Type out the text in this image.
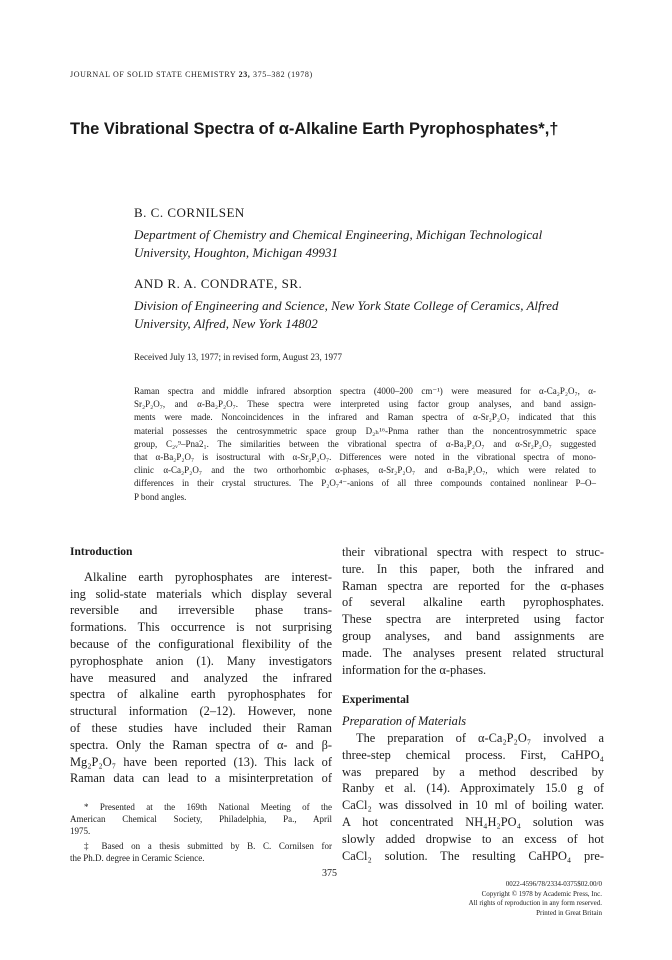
JOURNAL OF SOLID STATE CHEMISTRY 23, 375–382 (1978)
The Vibrational Spectra of α-Alkaline Earth Pyrophosphates*,†
B. C. CORNILSEN
Department of Chemistry and Chemical Engineering, Michigan Technological
University, Houghton, Michigan 49931
AND R. A. CONDRATE, SR.
Division of Engineering and Science, New York State College of Ceramics, Alfred
University, Alfred, New York 14802
Received July 13, 1977; in revised form, August 23, 1977
Raman spectra and middle infrared absorption spectra (4000–200 cm⁻¹) were measured for α-Ca₂P₂O₇, α-
Sr₂P₂O₇, and α-Ba₂P₂O₇. These spectra were interpreted using factor group analyses, and band assign-
ments were made. Noncoincidences in the infrared and Raman spectra of α-Sr₂P₂O₇ indicated that this
material possesses the centrosymmetric space group D₂ₕ¹⁶-Pnma rather than the noncentrosymmetric space
group, C₂ᵥ⁹–Pna2₁. The similarities between the vibrational spectra of α-Ba₂P₂O₇ and α-Sr₂P₂O₇ suggested
that α-Ba₂P₂O₇ is isostructural with α-Sr₂P₂O₇. Differences were noted in the vibrational spectra of mono-
clinic α-Ca₂P₂O₇ and the two orthorhombic α-phases, α-Sr₂P₂O₇ and α-Ba₂P₂O₇, which were related to
differences in their crystal structures. The P₂O₇⁴⁻-anions of all three compounds contained nonlinear P–O–
P bond angles.
Introduction
Alkaline earth pyrophosphates are interest-
ing solid-state materials which display several
reversible and irreversible phase trans-
formations. This occurrence is not surprising
because of the configurational flexibility of the
pyrophosphate anion (1). Many investigators
have measured and analyzed the infrared
spectra of alkaline earth pyrophosphates for
structural information (2–12). However, none
of these studies have included their Raman
spectra. Only the Raman spectra of α- and β-
Mg₂P₂O₇ have been reported (13). This lack of
Raman data can lead to a misinterpretation of
* Presented at the 169th National Meeting of the
American Chemical Society, Philadelphia, Pa., April
1975.
‡ Based on a thesis submitted by B. C. Cornilsen for
the Ph.D. degree in Ceramic Science.
their vibrational spectra with respect to struc-
ture. In this paper, both the infrared and
Raman spectra are reported for the α-phases
of several alkaline earth pyrophosphates.
These spectra are interpreted using factor
group analyses, and band assignments are
made. The analyses present related structural
information for the α-phases.
Experimental
Preparation of Materials
The preparation of α-Ca₂P₂O₇ involved a
three-step chemical process. First, CaHPO₄
was prepared by a method described by
Ranby et al. (14). Approximately 15.0 g of
CaCl₂ was dissolved in 10 ml of boiling water.
A hot concentrated NH₄H₂PO₄ solution was
slowly added dropwise to an excess of hot
CaCl₂ solution. The resulting CaHPO₄ pre-
375
0022-4596/78/2334-0375$02.00/0
Copyright © 1978 by Academic Press, Inc.
All rights of reproduction in any form reserved.
Printed in Great Britain
